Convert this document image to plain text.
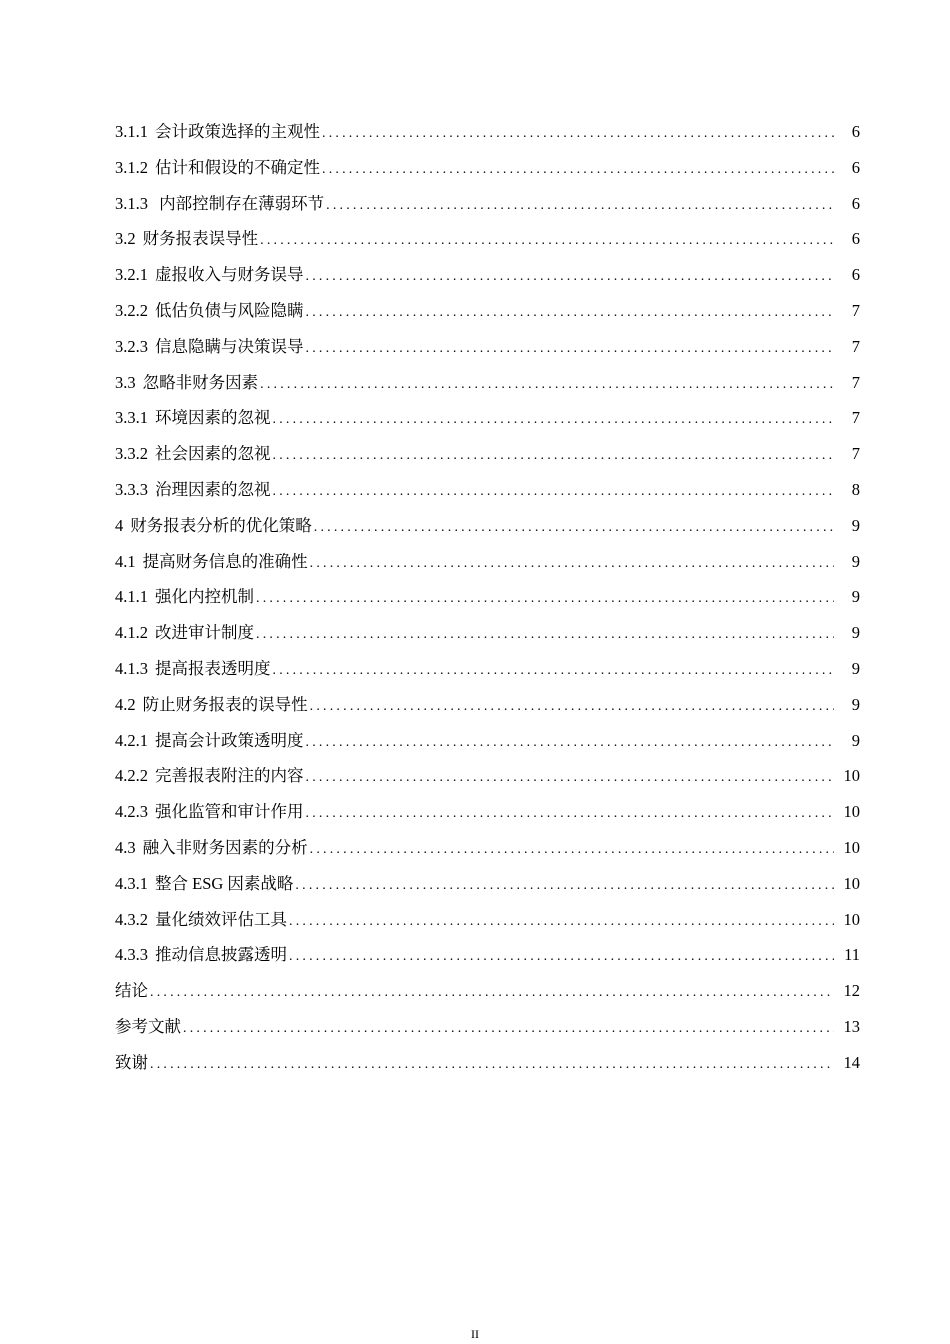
3.1.1 会计政策选择的主观性 .....	6
3.1.2 估计和假设的不确定性 .....	6
3.1.3 内部控制存在薄弱环节 .....	6
3.2 财务报表误导性 .....	6
3.2.1 虚报收入与财务误导 .....	6
3.2.2 低估负债与风险隐瞒 .....	7
3.2.3 信息隐瞒与决策误导 .....	7
3.3 忽略非财务因素 .....	7
3.3.1 环境因素的忽视 .....	7
3.3.2 社会因素的忽视 .....	7
3.3.3 治理因素的忽视 .....	8
4 财务报表分析的优化策略 .....	9
4.1 提高财务信息的准确性 .....	9
4.1.1 强化内控机制 .....	9
4.1.2 改进审计制度 .....	9
4.1.3 提高报表透明度 .....	9
4.2 防止财务报表的误导性 .....	9
4.2.1 提高会计政策透明度 .....	9
4.2.2 完善报表附注的内容 .....	10
4.2.3 强化监管和审计作用 .....	10
4.3 融入非财务因素的分析 .....	10
4.3.1 整合 ESG 因素战略 .....	10
4.3.2 量化绩效评估工具 .....	10
4.3.3 推动信息披露透明 .....	11
结论 .....	12
参考文献 .....	13
致谢 .....	14
II
